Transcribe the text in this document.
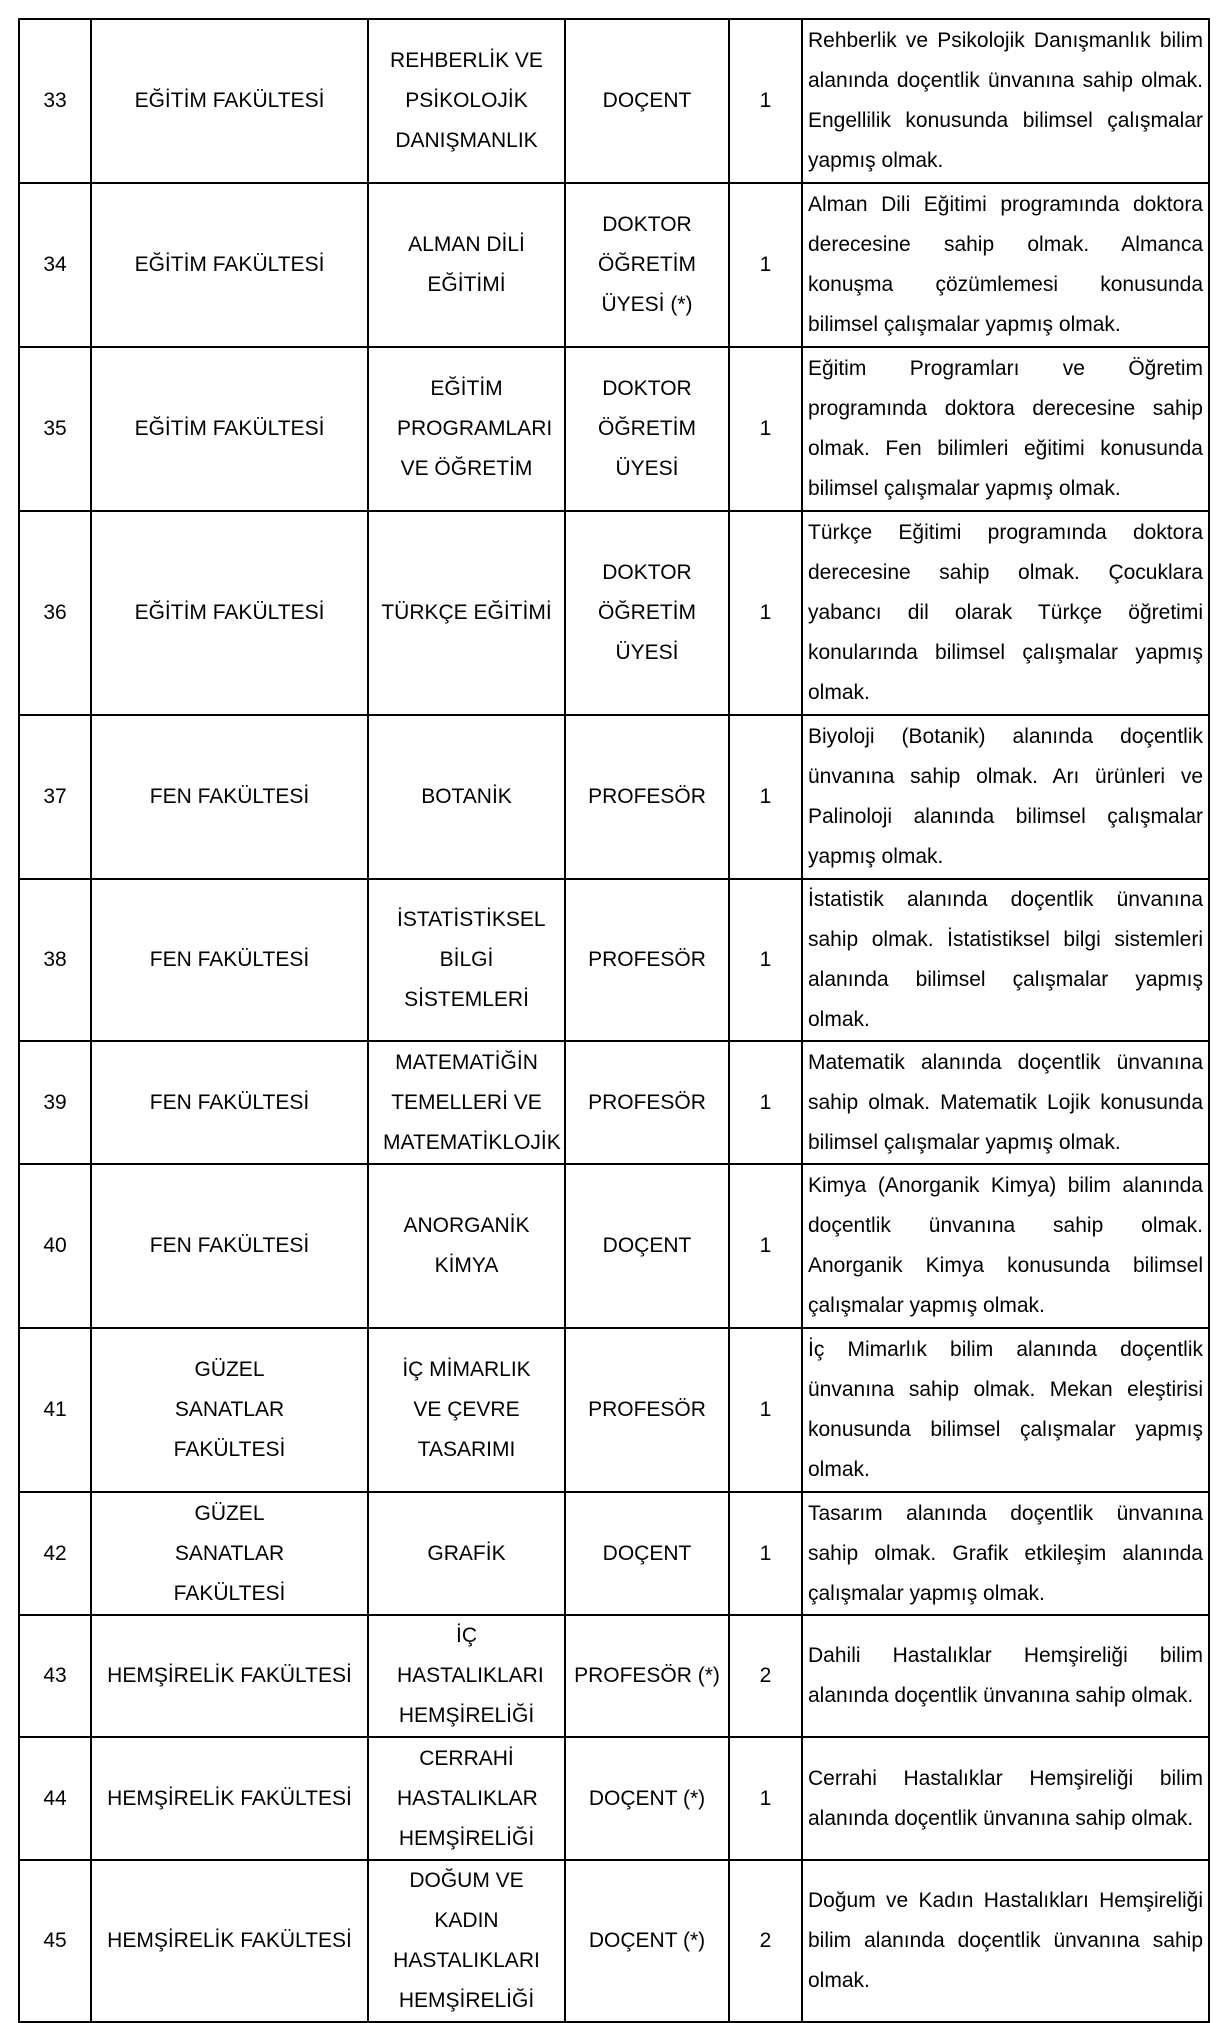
33	EĞİTİM FAKÜLTESİ	REHBERLİK VE PSİKOLOJİK DANIŞMANLIK	DOÇENT	1	Rehberlik ve Psikolojik Danışmanlık bilim alanında doçentlik ünvanına sahip olmak. Engellilik konusunda bilimsel çalışmalar yapmış olmak.
34	EĞİTİM FAKÜLTESİ	ALMAN DİLİ EĞİTİMİ	DOKTOR ÖĞRETİM ÜYESİ (*)	1	Alman Dili Eğitimi programında doktora derecesine sahip olmak. Almanca konuşma çözümlemesi konusunda bilimsel çalışmalar yapmış olmak.
35	EĞİTİM FAKÜLTESİ	EĞİTİM PROGRAMLARI VE ÖĞRETİM	DOKTOR ÖĞRETİM ÜYESİ	1	Eğitim Programları ve Öğretim programında doktora derecesine sahip olmak. Fen bilimleri eğitimi konusunda bilimsel çalışmalar yapmış olmak.
36	EĞİTİM FAKÜLTESİ	TÜRKÇE EĞİTİMİ	DOKTOR ÖĞRETİM ÜYESİ	1	Türkçe Eğitimi programında doktora derecesine sahip olmak. Çocuklara yabancı dil olarak Türkçe öğretimi konularında bilimsel çalışmalar yapmış olmak.
37	FEN FAKÜLTESİ	BOTANİK	PROFESÖR	1	Biyoloji (Botanik) alanında doçentlik ünvanına sahip olmak. Arı ürünleri ve Palinoloji alanında bilimsel çalışmalar yapmış olmak.
38	FEN FAKÜLTESİ	İSTATİSTİKSEL BİLGİ SİSTEMLERİ	PROFESÖR	1	İstatistik alanında doçentlik ünvanına sahip olmak. İstatistiksel bilgi sistemleri alanında bilimsel çalışmalar yapmış olmak.
39	FEN FAKÜLTESİ	MATEMATİĞİN TEMELLERİ VE MATEMATİKLOJİK	PROFESÖR	1	Matematik alanında doçentlik ünvanına sahip olmak. Matematik Lojik konusunda bilimsel çalışmalar yapmış olmak.
40	FEN FAKÜLTESİ	ANORGANİK KİMYA	DOÇENT	1	Kimya (Anorganik Kimya) bilim alanında doçentlik ünvanına sahip olmak. Anorganik Kimya konusunda bilimsel çalışmalar yapmış olmak.
41	GÜZEL SANATLAR FAKÜLTESİ	İÇ MİMARLIK VE ÇEVRE TASARIMI	PROFESÖR	1	İç Mimarlık bilim alanında doçentlik ünvanına sahip olmak. Mekan eleştirisi konusunda bilimsel çalışmalar yapmış olmak.
42	GÜZEL SANATLAR FAKÜLTESİ	GRAFİK	DOÇENT	1	Tasarım alanında doçentlik ünvanına sahip olmak. Grafik etkileşim alanında çalışmalar yapmış olmak.
43	HEMŞİRELİK FAKÜLTESİ	İÇ HASTALIKLARI HEMŞİRELİĞİ	PROFESÖR (*)	2	Dahili Hastalıklar Hemşireliği bilim alanında doçentlik ünvanına sahip olmak.
44	HEMŞİRELİK FAKÜLTESİ	CERRAHİ HASTALIKLAR HEMŞİRELİĞİ	DOÇENT (*)	1	Cerrahi Hastalıklar Hemşireliği bilim alanında doçentlik ünvanına sahip olmak.
45	HEMŞİRELİK FAKÜLTESİ	DOĞUM VE KADIN HASTALIKLARI HEMŞİRELİĞİ	DOÇENT (*)	2	Doğum ve Kadın Hastalıkları Hemşireliği bilim alanında doçentlik ünvanına sahip olmak.
